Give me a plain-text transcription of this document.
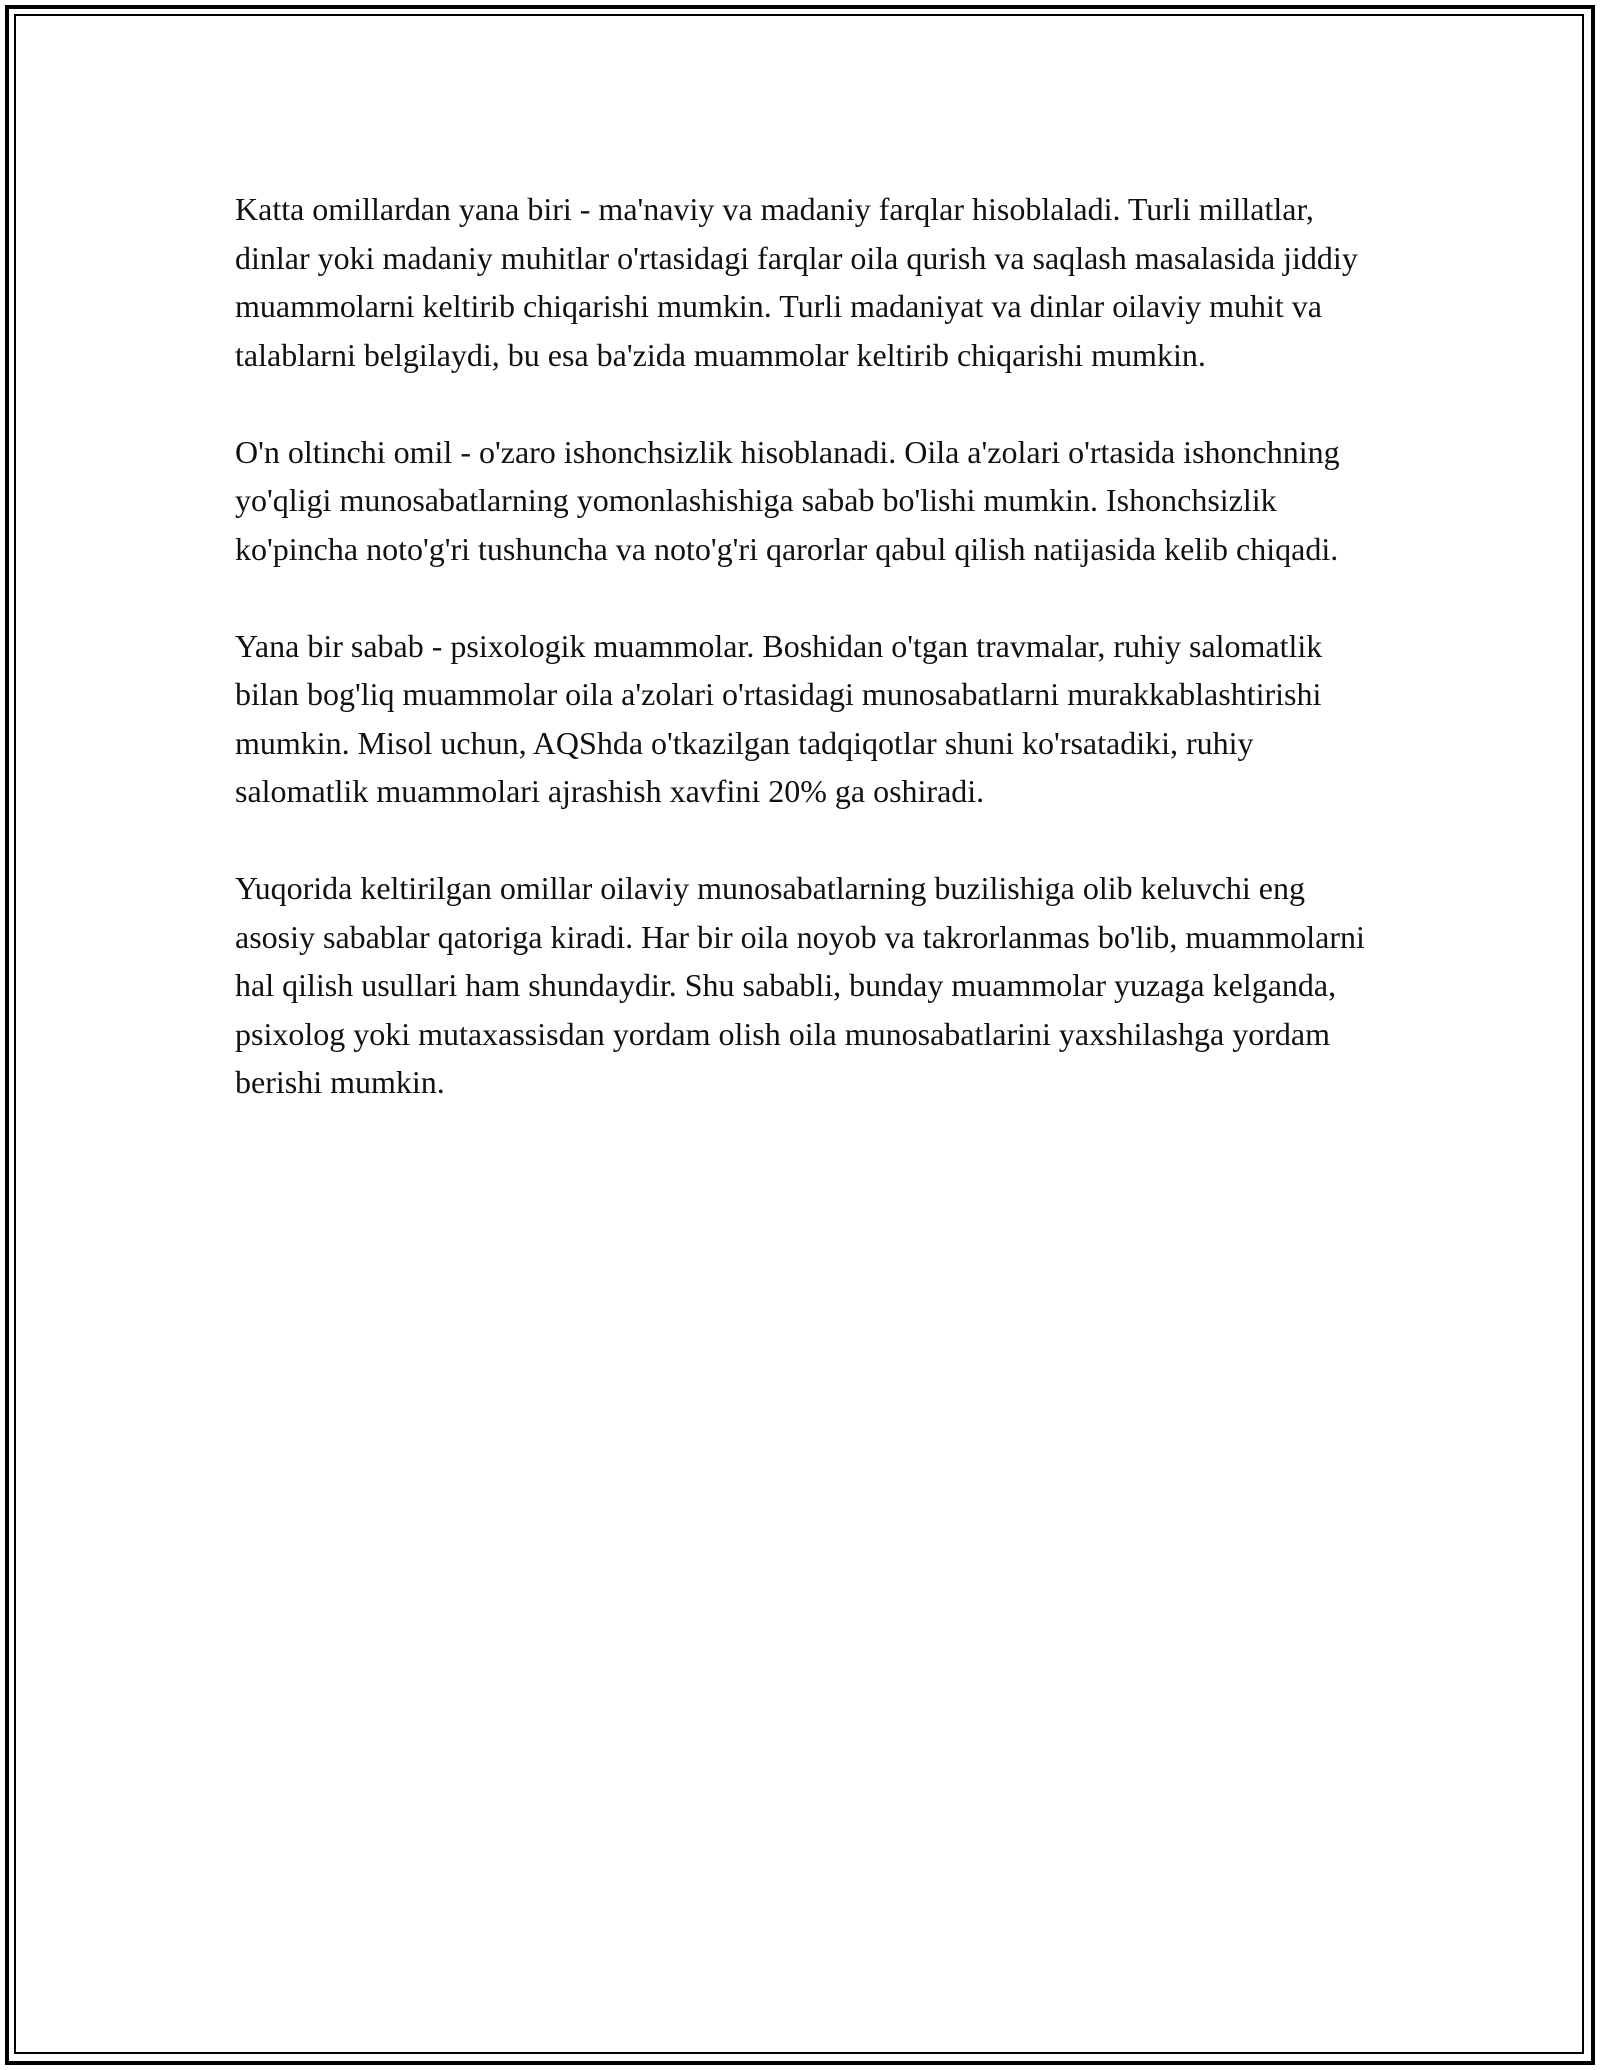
Katta omillardan yana biri - ma'naviy va madaniy farqlar hisoblaladi. Turli millatlar, dinlar yoki madaniy muhitlar o'rtasidagi farqlar oila qurish va saqlash masalasida jiddiy muammolarni keltirib chiqarishi mumkin. Turli madaniyat va dinlar oilaviy muhit va talablarni belgilaydi, bu esa ba'zida muammolar keltirib chiqarishi mumkin.

O'n oltinchi omil - o'zaro ishonchsizlik hisoblanadi. Oila a'zolari o'rtasida ishonchning yo'qligi munosabatlarning yomonlashishiga sabab bo'lishi mumkin. Ishonchsizlik ko'pincha noto'g'ri tushuncha va noto'g'ri qarorlar qabul qilish natijasida kelib chiqadi.

Yana bir sabab - psixologik muammolar. Boshidan o'tgan travmalar, ruhiy salomatlik bilan bog'liq muammolar oila a'zolari o'rtasidagi munosabatlarni murakkablashtirishi mumkin. Misol uchun, AQShda o'tkazilgan tadqiqotlar shuni ko'rsatadiki, ruhiy salomatlik muammolari ajrashish xavfini 20% ga oshiradi.

Yuqorida keltirilgan omillar oilaviy munosabatlarning buzilishiga olib keluvchi eng asosiy sabablar qatoriga kiradi. Har bir oila noyob va takrorlanmas bo'lib, muammolarni hal qilish usullari ham shundaydir. Shu sababli, bunday muammolar yuzaga kelganda, psixolog yoki mutaxassisdan yordam olish oila munosabatlarini yaxshilashga yordam berishi mumkin.
